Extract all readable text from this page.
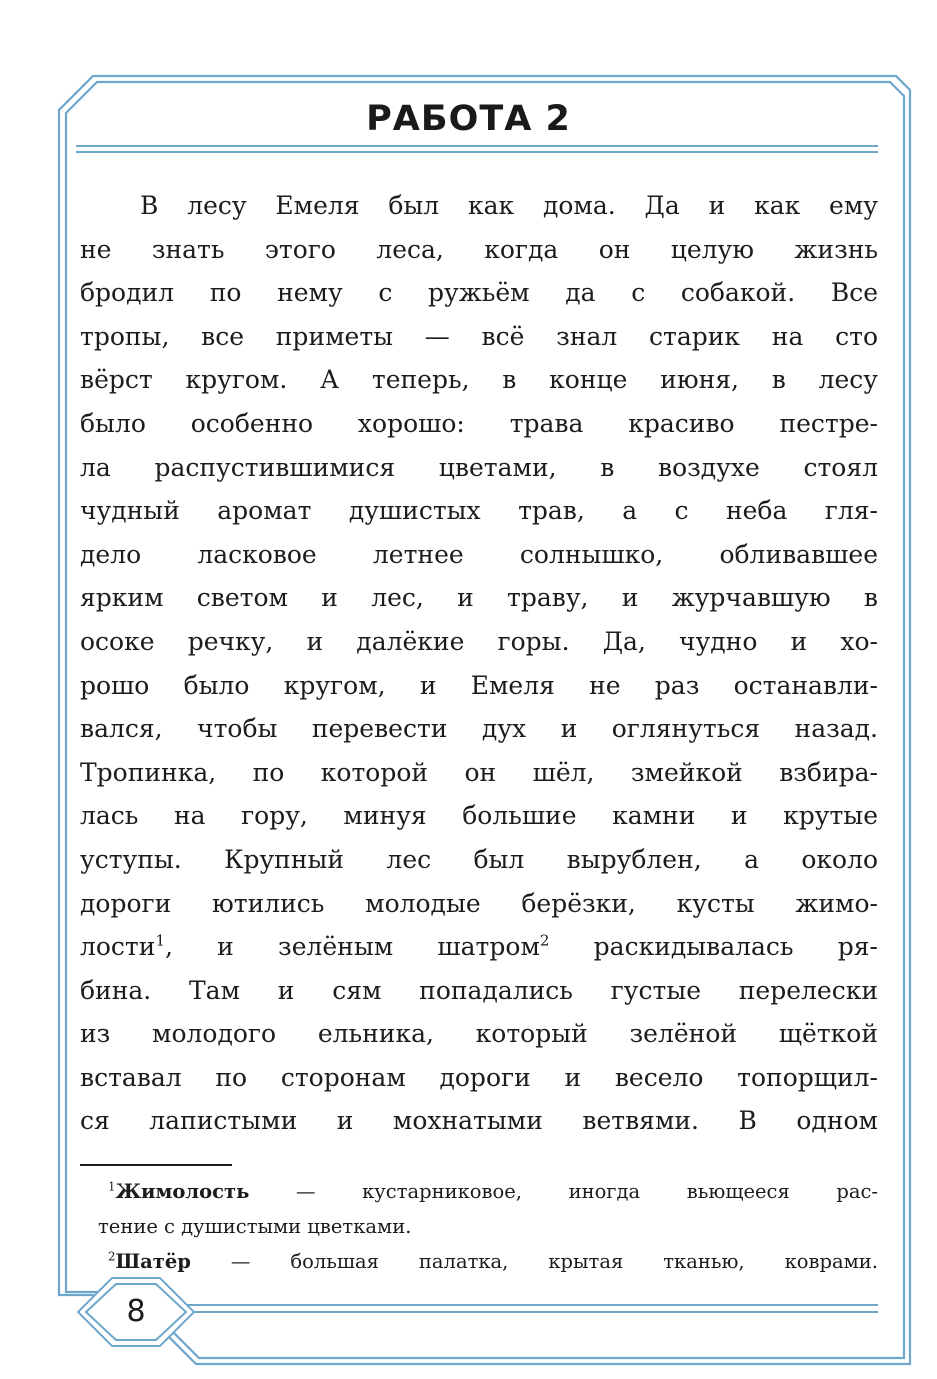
РАБОТА 2
В лесу Емеля был как дома. Да и как ему
не знать этого леса, когда он целую жизнь
бродил по нему с ружьём да с собакой. Все
тропы, все приметы — всё знал старик на сто
вёрст кругом. А теперь, в конце июня, в лесу
было особенно хорошо: трава красиво пестре-
ла распустившимися цветами, в воздухе стоял
чудный аромат душистых трав, а с неба гля-
дело ласковое летнее солнышко, обливавшее
ярким светом и лес, и траву, и журчавшую в
осоке речку, и далёкие горы. Да, чудно и хо-
рошо было кругом, и Емеля не раз останавли-
вался, чтобы перевести дух и оглянуться назад.
Тропинка, по которой он шёл, змейкой взбира-
лась на гору, минуя большие камни и крутые
уступы. Крупный лес был вырублен, а около
дороги ютились молодые берёзки, кусты жимо-
лости$^1$, и зелёным шатром$^2$ раскидывалась ря-
бина. Там и сям попадались густые перелески
из молодого ельника, который зелёной щёткой
вставал по сторонам дороги и весело топорщил-
ся лапистыми и мохнатыми ветвями. В одном
$^1$Жимолость — кустарниковое, иногда вьющееся рас-
тение с душистыми цветками.
$^2$Шатёр — большая палатка, крытая тканью, коврами.
8
